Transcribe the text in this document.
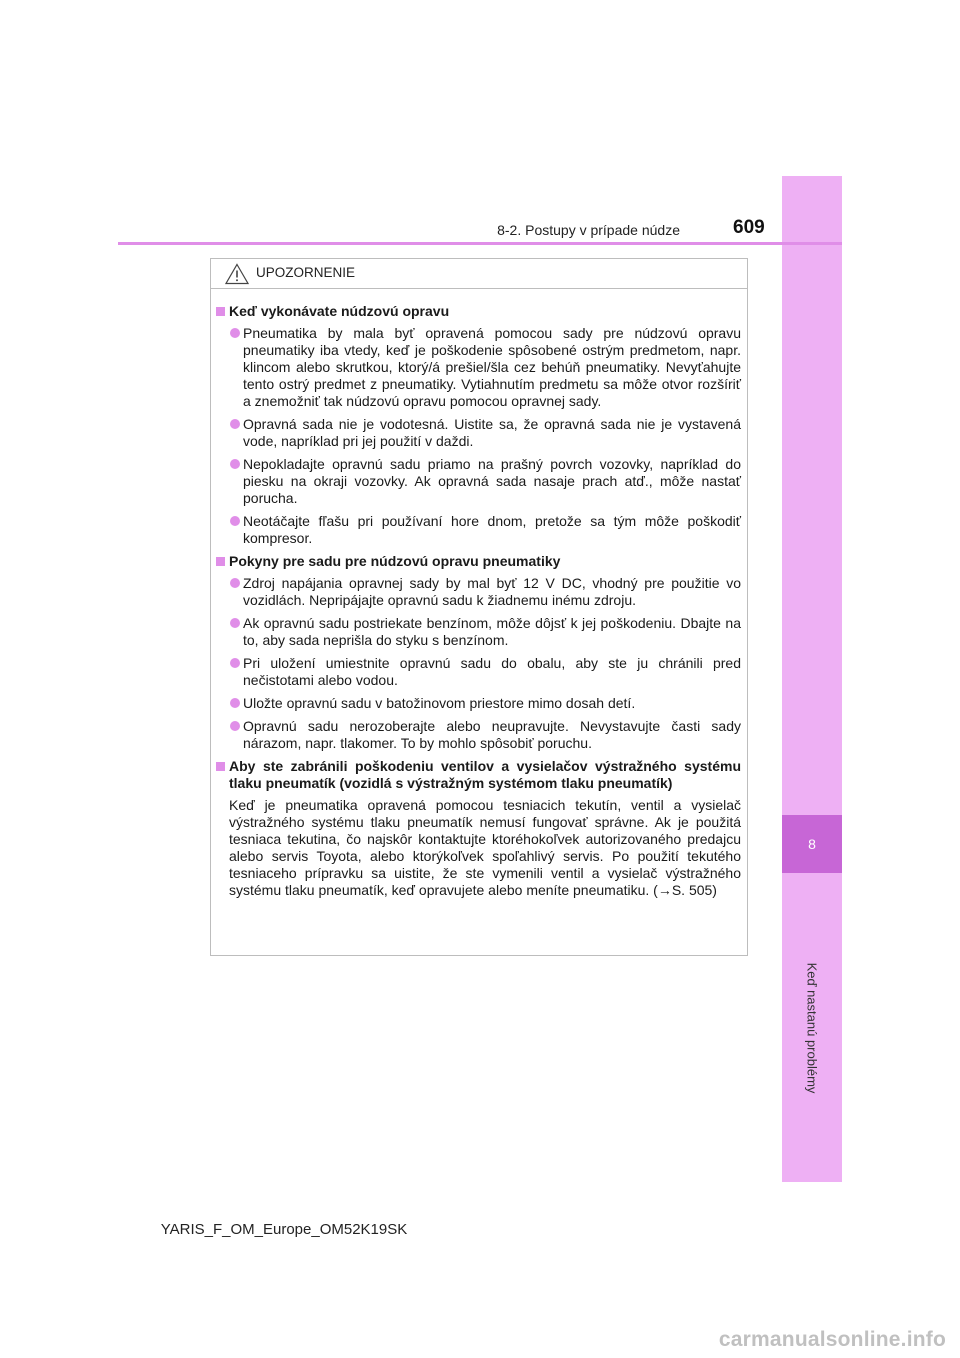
8
Keď nastanú problémy
8-2. Postupy v prípade núdze	609
UPOZORNENIE
Keď vykonávate núdzovú opravu
Pneumatika by mala byť opravená pomocou sady pre núdzovú opravu pneumatiky iba vtedy, keď je poškodenie spôsobené ostrým predmetom, napr. klincom alebo skrutkou, ktorý/á prešiel/šla cez behúň pneumatiky. Nevyťahujte tento ostrý predmet z pneumatiky. Vytiahnutím predmetu sa môže otvor rozšíriť a znemožniť tak núdzovú opravu pomocou opravnej sady.
Opravná sada nie je vodotesná. Uistite sa, že opravná sada nie je vystavená vode, napríklad pri jej použití v daždi.
Nepokladajte opravnú sadu priamo na prašný povrch vozovky, napríklad do piesku na okraji vozovky. Ak opravná sada nasaje prach atď., môže nastať porucha.
Neotáčajte fľašu pri používaní hore dnom, pretože sa tým môže poškodiť kompresor.
Pokyny pre sadu pre núdzovú opravu pneumatiky
Zdroj napájania opravnej sady by mal byť 12 V DC, vhodný pre použitie vo vozidlách. Nepripájajte opravnú sadu k žiadnemu inému zdroju.
Ak opravnú sadu postriekate benzínom, môže dôjsť k jej poškodeniu. Dbajte na to, aby sada neprišla do styku s benzínom.
Pri uložení umiestnite opravnú sadu do obalu, aby ste ju chránili pred nečistotami alebo vodou.
Uložte opravnú sadu v batožinovom priestore mimo dosah detí.
Opravnú sadu nerozoberajte alebo neupravujte. Nevystavujte časti sady nárazom, napr. tlakomer. To by mohlo spôsobiť poruchu.
Aby ste zabránili poškodeniu ventilov a vysielačov výstražného systému tlaku pneumatík (vozidlá s výstražným systémom tlaku pneumatík)

Keď je pneumatika opravená pomocou tesniacich tekutín, ventil a vysielač výstražného systému tlaku pneumatík nemusí fungovať správne. Ak je použitá tesniaca tekutina, čo najskôr kontaktujte ktoréhokoľvek autorizovaného predajcu alebo servis Toyota, alebo ktorýkoľvek spoľahlivý servis. Po použití tekutého tesniaceho prípravku sa uistite, že ste vymenili ventil a vysielač výstražného systému tlaku pneumatík, keď opravujete alebo meníte pneumatiku. (→S. 505)

YARIS_F_OM_Europe_OM52K19SK
carmanualsonline.info
